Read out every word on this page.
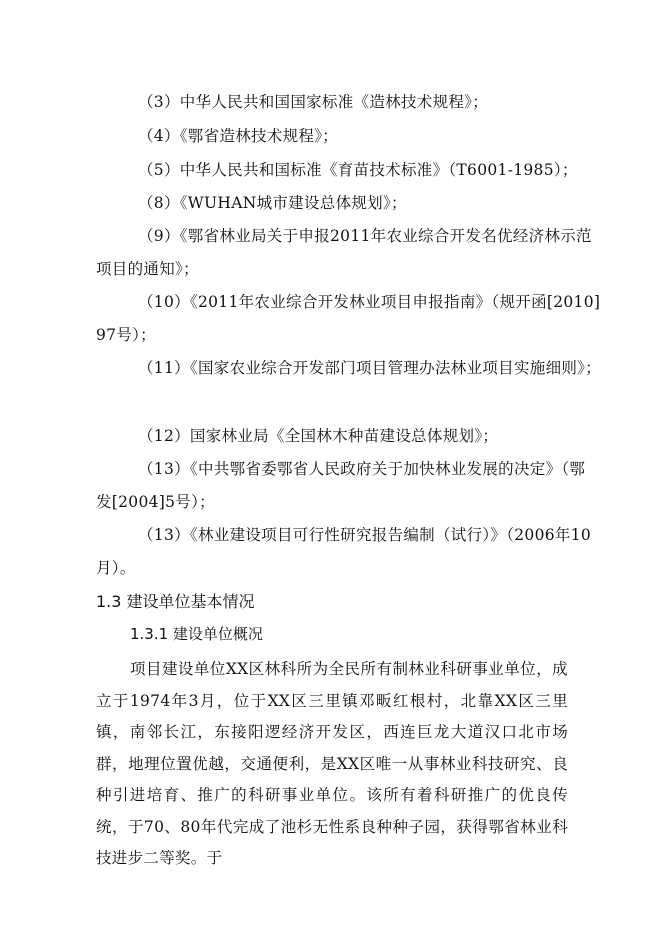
（3）中华人民共和国国家标准《造林技术规程》；
（4）《鄂省造林技术规程》；
（5）中华人民共和国标准《育苗技术标准》（T6001-1985）；
（8）《WUHAN城市建设总体规划》；
（9）《鄂省林业局关于申报2011年农业综合开发名优经济林示范
项目的通知》；
（10）《2011年农业综合开发林业项目申报指南》（规开函[2010]
97号）；
（11）《国家农业综合开发部门项目管理办法林业项目实施细则》；
（12）国家林业局《全国林木种苗建设总体规划》；
（13）《中共鄂省委鄂省人民政府关于加快林业发展的决定》（鄂
发[2004]5号）；
（13）《林业建设项目可行性研究报告编制（试行）》（2006年10
月）。
1.3 建设单位基本情况
1.3.1 建设单位概况
项目建设单位XX区林科所为全民所有制林业科研事业单位，成立于1974年3月，位于XX区三里镇邓畈红根村，北靠XX区三里镇，南邻长江，东接阳逻经济开发区，西连巨龙大道汉口北市场群，地理位置优越，交通便利，是XX区唯一从事林业科技研究、良种引进培育、推广的科研事业单位。该所有着科研推广的优良传统，于70、80年代完成了池杉无性系良种种子园，获得鄂省林业科技进步二等奖。于
